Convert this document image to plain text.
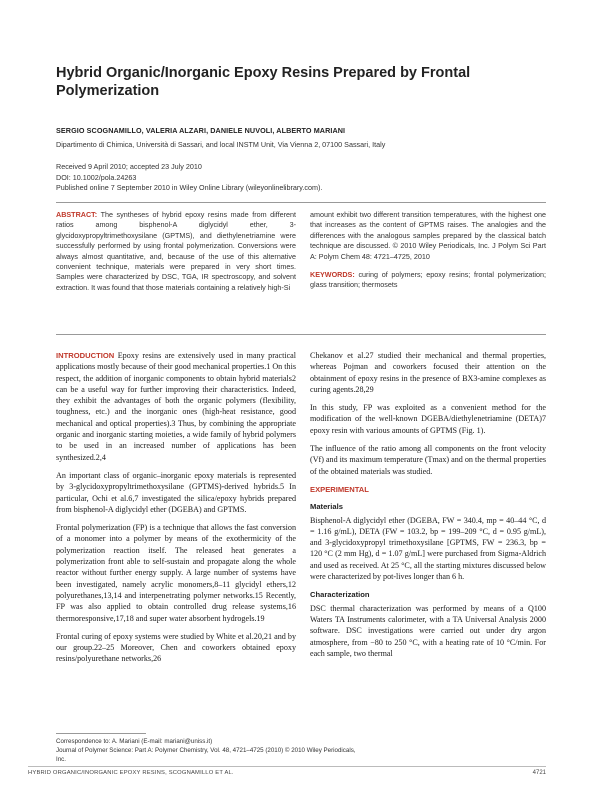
Hybrid Organic/Inorganic Epoxy Resins Prepared by Frontal Polymerization
SERGIO SCOGNAMILLO, VALERIA ALZARI, DANIELE NUVOLI, ALBERTO MARIANI
Dipartimento di Chimica, Università di Sassari, and local INSTM Unit, Via Vienna 2, 07100 Sassari, Italy
Received 9 April 2010; accepted 23 July 2010
DOI: 10.1002/pola.24263
Published online 7 September 2010 in Wiley Online Library (wileyonlinelibrary.com).
ABSTRACT: The syntheses of hybrid epoxy resins made from different ratios among bisphenol-A diglycidyl ether, 3-glycidoxypropyltrimethoxysilane (GPTMS), and diethylenetriamine were successfully performed by using frontal polymerization. Conversions were always almost quantitative, and, because of the use of this alternative convenient technique, materials were prepared in very short times. Samples were characterized by DSC, TGA, IR spectroscopy, and solvent extraction. It was found that those materials containing a relatively high-Si
amount exhibit two different transition temperatures, with the highest one that increases as the content of GPTMS raises. The analogies and the differences with the analogous samples prepared by the classical batch technique are discussed. © 2010 Wiley Periodicals, Inc. J Polym Sci Part A: Polym Chem 48: 4721–4725, 2010
KEYWORDS: curing of polymers; epoxy resins; frontal polymerization; glass transition; thermosets

INTRODUCTION Epoxy resins are extensively used in many practical applications mostly because of their good mechanical properties.1 On this respect, the addition of inorganic components to obtain hybrid materials2 can be a useful way for further improving their characteristics. Indeed, they exhibit the advantages of both the organic polymers (flexibility, toughness, etc.) and the inorganic ones (high-heat resistance, good mechanical and optical properties).3 Thus, by combining the appropriate organic and inorganic starting moieties, a wide family of hybrid polymers to be used in an increased number of applications has been synthesized.2,4

An important class of organic–inorganic epoxy materials is represented by 3-glycidoxypropyltrimethoxysilane (GPTMS)-derived hybrids.5 In particular, Ochi et al.6,7 investigated the silica/epoxy hybrids prepared from bisphenol-A diglycidyl ether (DGEBA) and GPTMS.

Frontal polymerization (FP) is a technique that allows the fast conversion of a monomer into a polymer by means of the exothermicity of the polymerization reaction itself. The released heat generates a polymerization front able to self-sustain and propagate along the whole reactor without further energy supply. A large number of systems have been investigated, namely acrylic monomers,8–11 glycidyl ethers,12 polyurethanes,13,14 and interpenetrating polymer networks.15 Recently, FP was also applied to obtain controlled drug release systems,16 thermoresponsive,17,18 and super water absorbent hydrogels.19

Frontal curing of epoxy systems were studied by White et al.20,21 and by our group.22–25 Moreover, Chen and coworkers obtained epoxy resins/polyurethane networks,26

Chekanov et al.27 studied their mechanical and thermal properties, whereas Pojman and coworkers focused their attention on the obtainment of epoxy resins in the presence of BX3-amine complexes as curing agents.28,29

In this study, FP was exploited as a convenient method for the modification of the well-known DGEBA/diethylenetriamine (DETA)7 epoxy resin with various amounts of GPTMS (Fig. 1).

The influence of the ratio among all components on the front velocity (Vf) and its maximum temperature (Tmax) and on the thermal properties of the obtained materials was studied.

EXPERIMENTAL
Materials

Bisphenol-A diglycidyl ether (DGEBA, FW = 340.4, mp = 40–44 °C, d = 1.16 g/mL), DETA (FW = 103.2, bp = 199–209 °C, d = 0.95 g/mL), and 3-glycidoxypropyl trimethoxysilane [GPTMS, FW = 236.3, bp = 120 °C (2 mm Hg), d = 1.07 g/mL] were purchased from Sigma-Aldrich and used as received. At 25 °C, all the starting mixtures discussed below were characterized by pot-lives longer than 6 h.

Characterization

DSC thermal characterization was performed by means of a Q100 Waters TA Instruments calorimeter, with a TA Universal Analysis 2000 software. DSC investigations were carried out under dry argon atmosphere, from −80 to 250 °C, with a heating rate of 10 °C/min. For each sample, two thermal

Correspondence to: A. Mariani (E-mail: mariani@uniss.it)
Journal of Polymer Science: Part A: Polymer Chemistry, Vol. 48, 4721–4725 (2010) © 2010 Wiley Periodicals, Inc.
HYBRID ORGANIC/INORGANIC EPOXY RESINS, SCOGNAMILLO ET AL.	4721
